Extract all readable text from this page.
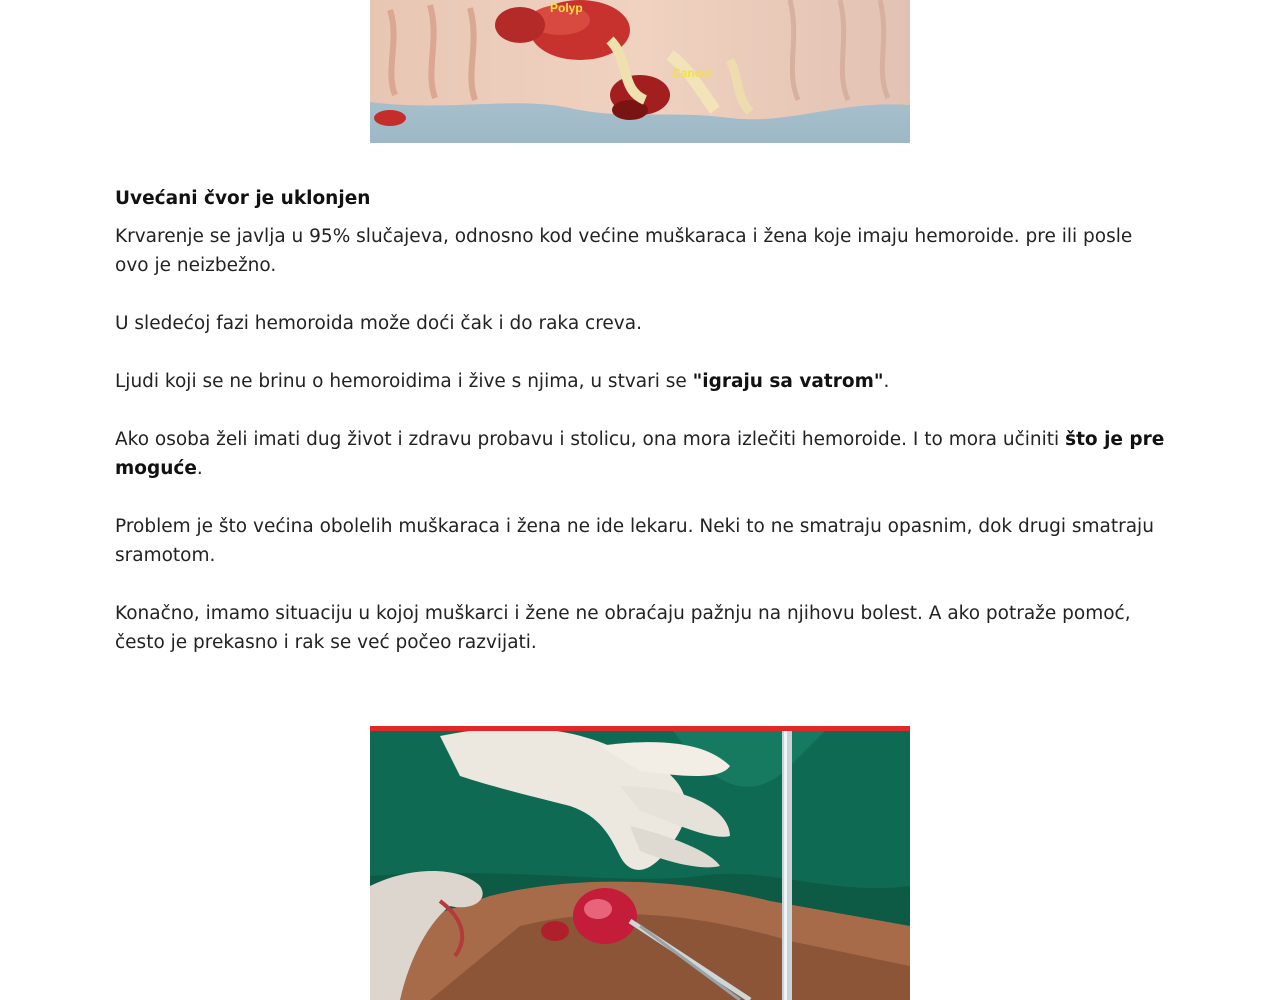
Polyp
Cancer
Uvećani čvor je uklonjen

Krvarenje se javlja u 95% slučajeva, odnosno kod većine muškaraca i žena koje imaju hemoroide. pre ili posle ovo je neizbežno.

U sledećoj fazi hemoroida može doći čak i do raka creva.

Ljudi koji se ne brinu o hemoroidima i žive s njima, u stvari se "igraju sa vatrom".

Ako osoba želi imati dug život i zdravu probavu i stolicu, ona mora izlečiti hemoroide. I to mora učiniti što je pre moguće.

Problem je što većina obolelih muškaraca i žena ne ide lekaru. Neki to ne smatraju opasnim, dok drugi smatraju sramotom.

Konačno, imamo situaciju u kojoj muškarci i žene ne obraćaju pažnju na njihovu bolest. A ako potraže pomoć, često je prekasno i rak se već počeo razvijati.
